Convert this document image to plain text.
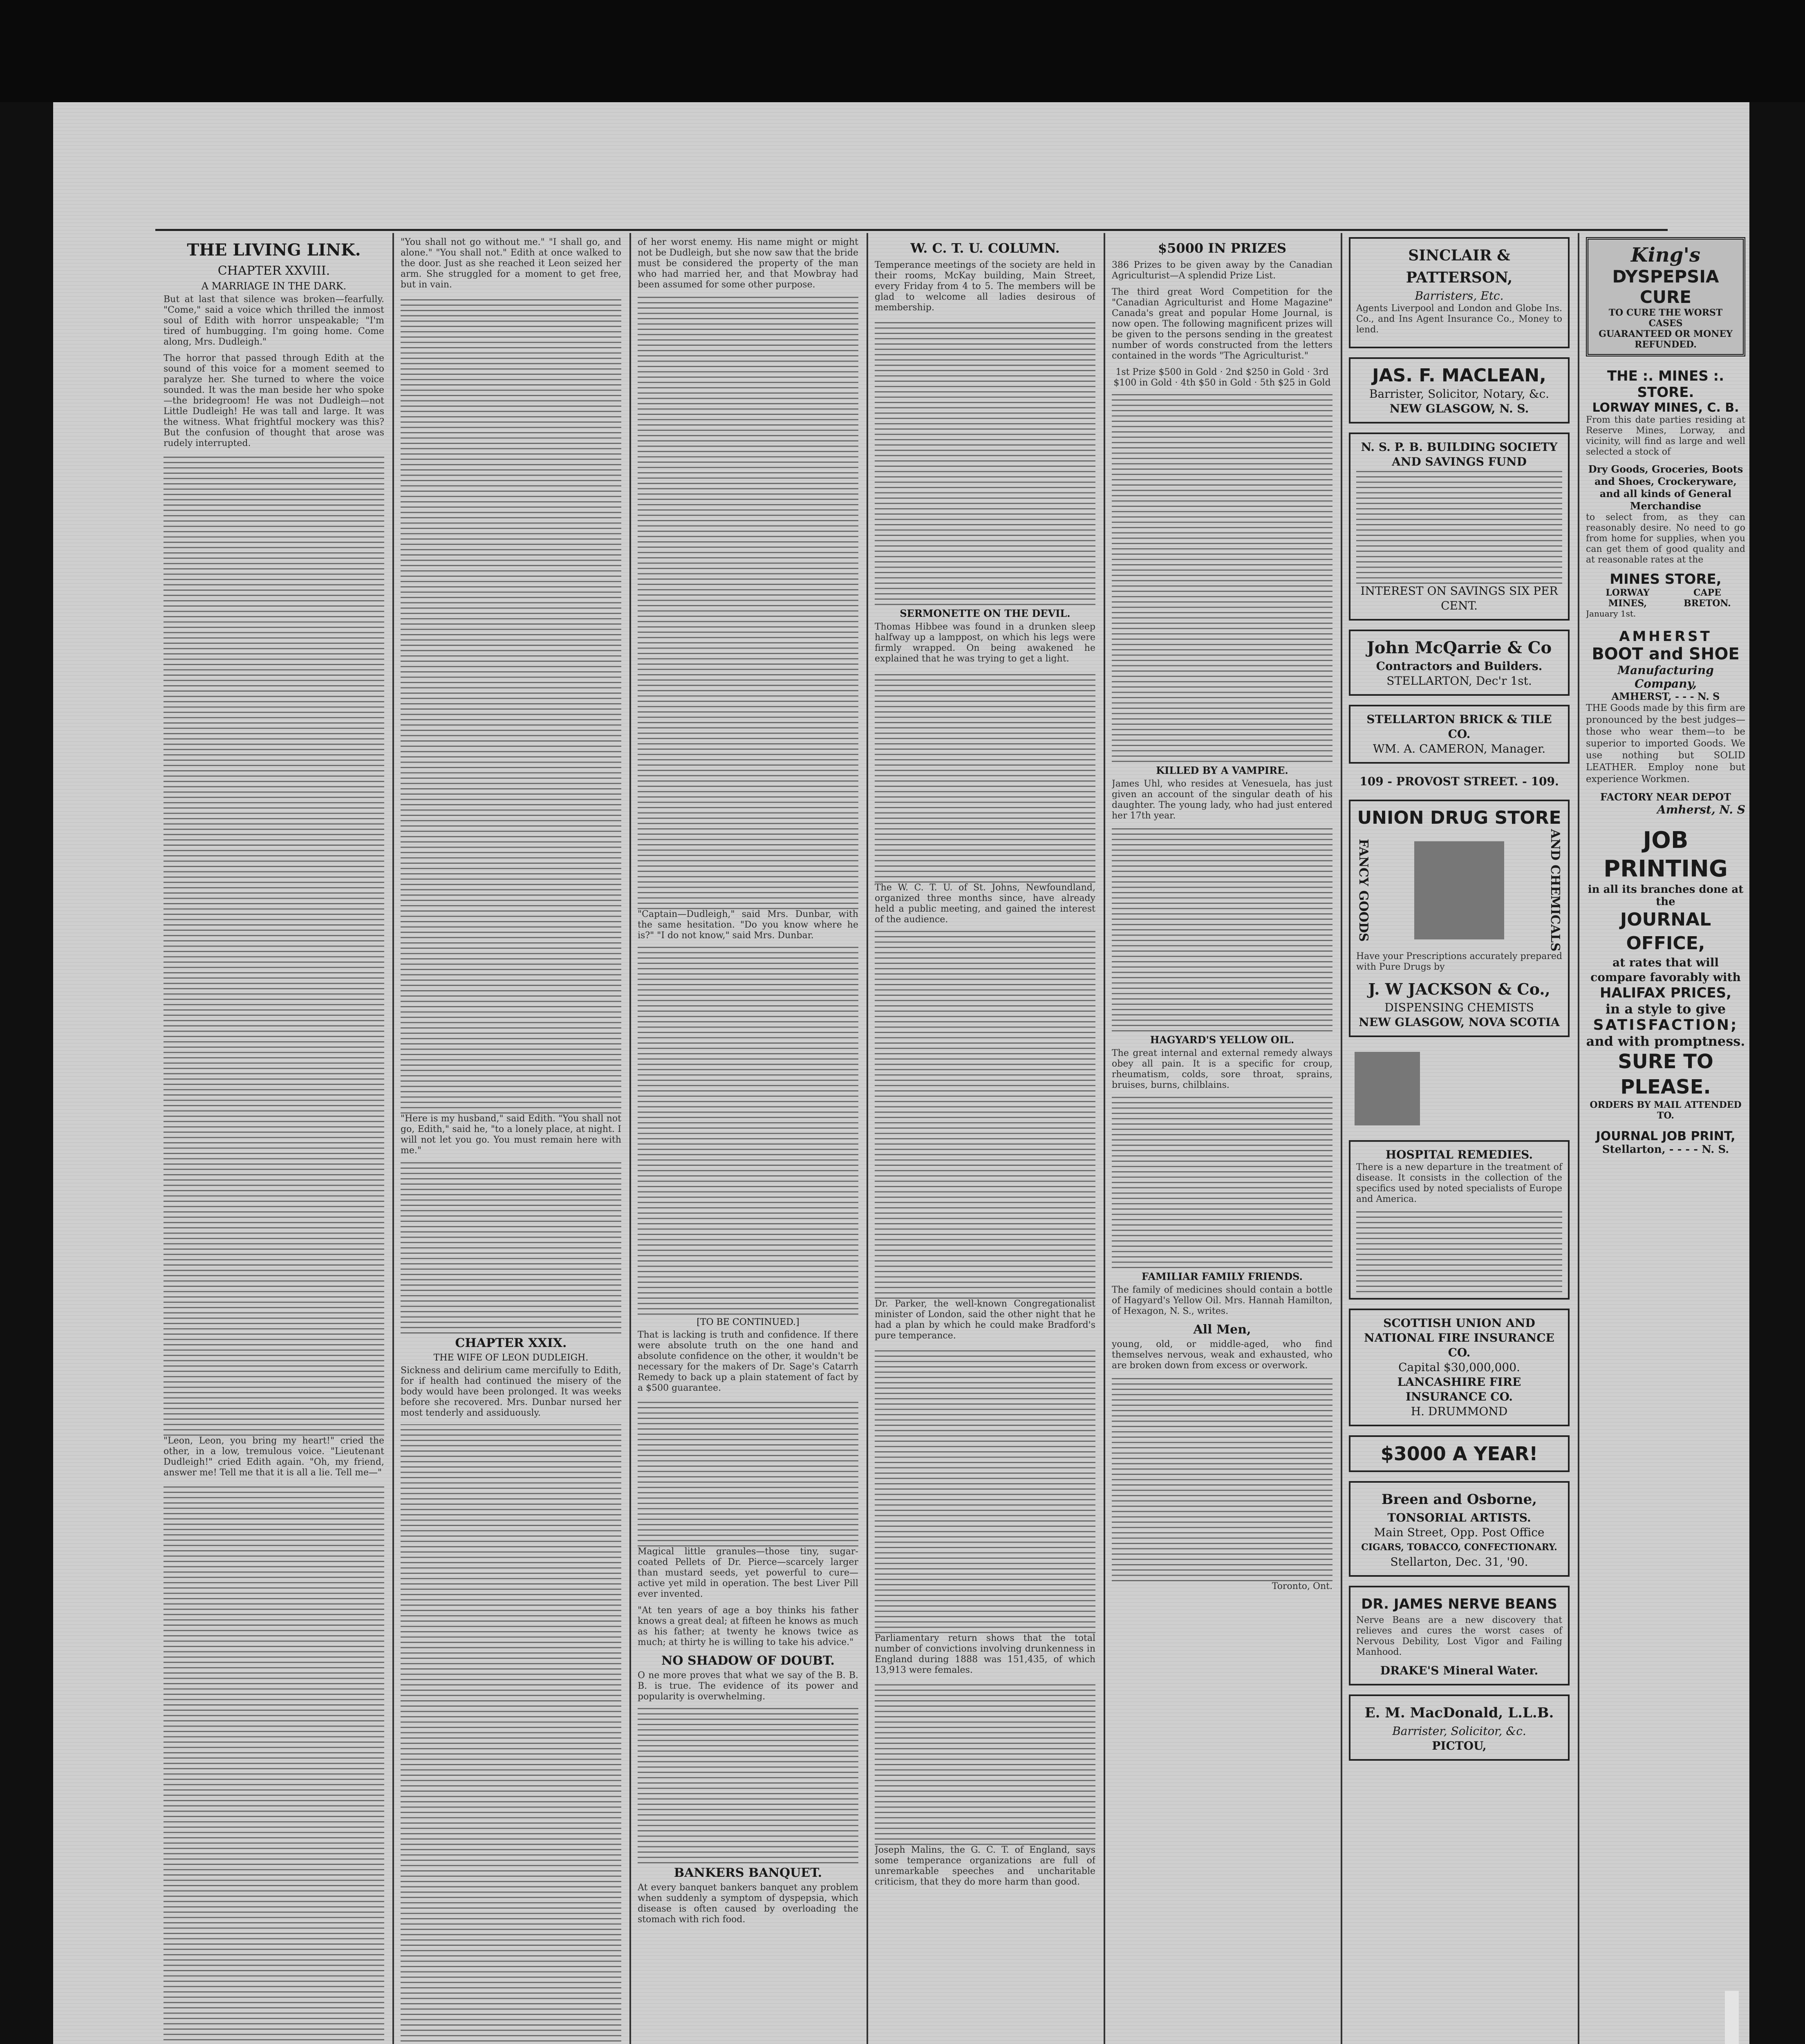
THE LIVING LINK.
CHAPTER XXVIII.
A MARRIAGE IN THE DARK.

But at last that silence was broken—fearfully. "Come," said a voice which thrilled the inmost soul of Edith with horror unspeakable; "I'm tired of humbugging. I'm going home. Come along, Mrs. Dudleigh."

The horror that passed through Edith at the sound of this voice for a moment seemed to paralyze her. She turned to where the voice sounded. It was the man beside her who spoke—the bridegroom! He was not Dudleigh—not Little Dudleigh! He was tall and large. It was the witness. What frightful mockery was this? But the confusion of thought that arose was rudely interrupted.

"Leon, Leon, you bring my heart!" cried the other, in a low, tremulous voice. "Lieutenant Dudleigh!" cried Edith again. "Oh, my friend, answer me! Tell me that it is all a lie. Tell me—"

"You shall not go without me." "I shall go, and alone." "You shall not." Edith at once walked to the door. Just as she reached it Leon seized her arm. She struggled for a moment to get free, but in vain.

"Here is my husband," said Edith. "You shall not go, Edith," said he, "to a lonely place, at night. I will not let you go. You must remain here with me."

CHAPTER XXIX.
THE WIFE OF LEON DUDLEIGH.

Sickness and delirium came mercifully to Edith, for if health had continued the misery of the body would have been prolonged. It was weeks before she recovered. Mrs. Dunbar nursed her most tenderly and assiduously.

of her worst enemy. His name might or might not be Dudleigh, but she now saw that the bride must be considered the property of the man who had married her, and that Mowbray had been assumed for some other purpose.

"Captain—Dudleigh," said Mrs. Dunbar, with the same hesitation. "Do you know where he is?" "I do not know," said Mrs. Dunbar.

[TO BE CONTINUED.]

That is lacking is truth and confidence. If there were absolute truth on the one hand and absolute confidence on the other, it wouldn't be necessary for the makers of Dr. Sage's Catarrh Remedy to back up a plain statement of fact by a $500 guarantee.

Magical little granules—those tiny, sugar-coated Pellets of Dr. Pierce—scarcely larger than mustard seeds, yet powerful to cure—active yet mild in operation. The best Liver Pill ever invented.

"At ten years of age a boy thinks his father knows a great deal; at fifteen he knows as much as his father; at twenty he knows twice as much; at thirty he is willing to take his advice."

NO SHADOW OF DOUBT.

O ne more proves that what we say of the B. B. B. is true. The evidence of its power and popularity is overwhelming.

BANKERS BANQUET.

At every banquet bankers banquet any problem when suddenly a symptom of dyspepsia, which disease is often caused by overloading the stomach with rich food.

W. C. T. U. COLUMN.

Temperance meetings of the society are held in their rooms, McKay building, Main Street, every Friday from 4 to 5. The members will be glad to welcome all ladies desirous of membership.

SERMONETTE ON THE DEVIL.

Thomas Hibbee was found in a drunken sleep halfway up a lamppost, on which his legs were firmly wrapped. On being awakened he explained that he was trying to get a light.

The W. C. T. U. of St. Johns, Newfoundland, organized three months since, have already held a public meeting, and gained the interest of the audience.

Dr. Parker, the well-known Congregationalist minister of London, said the other night that he had a plan by which he could make Bradford's pure temperance.

Parliamentary return shows that the total number of convictions involving drunkenness in England during 1888 was 151,435, of which 13,913 were females.

Joseph Malins, the G. C. T. of England, says some temperance organizations are full of unremarkable speeches and uncharitable criticism, that they do more harm than good.

$5000 IN PRIZES

386 Prizes to be given away by the Canadian Agriculturist—A splendid Prize List.

The third great Word Competition for the "Canadian Agriculturist and Home Magazine" Canada's great and popular Home Journal, is now open. The following magnificent prizes will be given to the persons sending in the greatest number of words constructed from the letters contained in the words "The Agriculturist."

1st Prize $500 in Gold · 2nd $250 in Gold · 3rd $100 in Gold · 4th $50 in Gold · 5th $25 in Gold

KILLED BY A VAMPIRE.

James Uhl, who resides at Venesuela, has just given an account of the singular death of his daughter. The young lady, who had just entered her 17th year.

HAGYARD'S YELLOW OIL.

The great internal and external remedy always obey all pain. It is a specific for croup, rheumatism, colds, sore throat, sprains, bruises, burns, chilblains.

FAMILIAR FAMILY FRIENDS.

The family of medicines should contain a bottle of Hagyard's Yellow Oil. Mrs. Hannah Hamilton, of Hexagon, N. S., writes.

All Men,

young, old, or middle-aged, who find themselves nervous, weak and exhausted, who are broken down from excess or overwork.

Toronto, Ont.

SINCLAIR & PATTERSON,
Barristers, Etc.
Agents Liverpool and London and Globe Ins. Co., and Ins Agent Insurance Co., Money to lend.
JAS. F. MACLEAN,
Barrister, Solicitor, Notary, &c.
NEW GLASGOW, N. S.
N. S. P. B. BUILDING SOCIETY AND SAVINGS FUND
INTEREST ON SAVINGS SIX PER CENT.
John McQarrie & Co
Contractors and Builders.
STELLARTON, Dec'r 1st.
STELLARTON BRICK & TILE CO.
WM. A. CAMERON, Manager.
109 - PROVOST STREET. - 109.
UNION DRUG STORE
FANCY GOODS	AND CHEMICALS
Have your Prescriptions accurately prepared with Pure Drugs by
J. W JACKSON & Co.,
DISPENSING CHEMISTS
NEW GLASGOW, NOVA SCOTIA
HOSPITAL REMEDIES.
There is a new departure in the treatment of disease. It consists in the collection of the specifics used by noted specialists of Europe and America.
SCOTTISH UNION AND NATIONAL FIRE INSURANCE CO.
Capital $30,000,000.
LANCASHIRE FIRE INSURANCE CO.
H. DRUMMOND
$3000 A YEAR!
Breen and Osborne,
TONSORIAL ARTISTS.
Main Street, Opp. Post Office
CIGARS, TOBACCO, CONFECTIONARY.
Stellarton, Dec. 31, '90.
DR. JAMES NERVE BEANS
Nerve Beans are a new discovery that relieves and cures the worst cases of Nervous Debility, Lost Vigor and Failing Manhood.
DRAKE'S Mineral Water.
E. M. MacDonald, L.L.B.
Barrister, Solicitor, &c.
PICTOU,
King's
DYSPEPSIA CURE
TO CURE THE WORST CASES
GUARANTEED OR MONEY REFUNDED.
THE :. MINES :. STORE.
LORWAY MINES, C. B.
From this date parties residing at Reserve Mines, Lorway, and vicinity, will find as large and well selected a stock of
Dry Goods, Groceries, Boots and Shoes, Crockeryware, and all kinds of General Merchandise
to select from, as they can reasonably desire. No need to go from home for supplies, when you can get them of good quality and at reasonable rates at the
MINES STORE,
LORWAY MINES,
CAPE BRETON.
January 1st.
AMHERST
BOOT and SHOE
Manufacturing Company,
AMHERST, - - - N. S
THE Goods made by this firm are pronounced by the best judges—those who wear them—to be superior to imported Goods. We use nothing but SOLID LEATHER. Employ none but experience Workmen.
FACTORY NEAR DEPOT
Amherst, N. S
JOB PRINTING
in all its branches done at the
JOURNAL OFFICE,
at rates that will compare favorably with
HALIFAX PRICES,
in a style to give
SATISFACTION;
and with promptness.
SURE TO PLEASE.
ORDERS BY MAIL ATTENDED TO.
JOURNAL JOB PRINT,
Stellarton, - - - - N. S.
